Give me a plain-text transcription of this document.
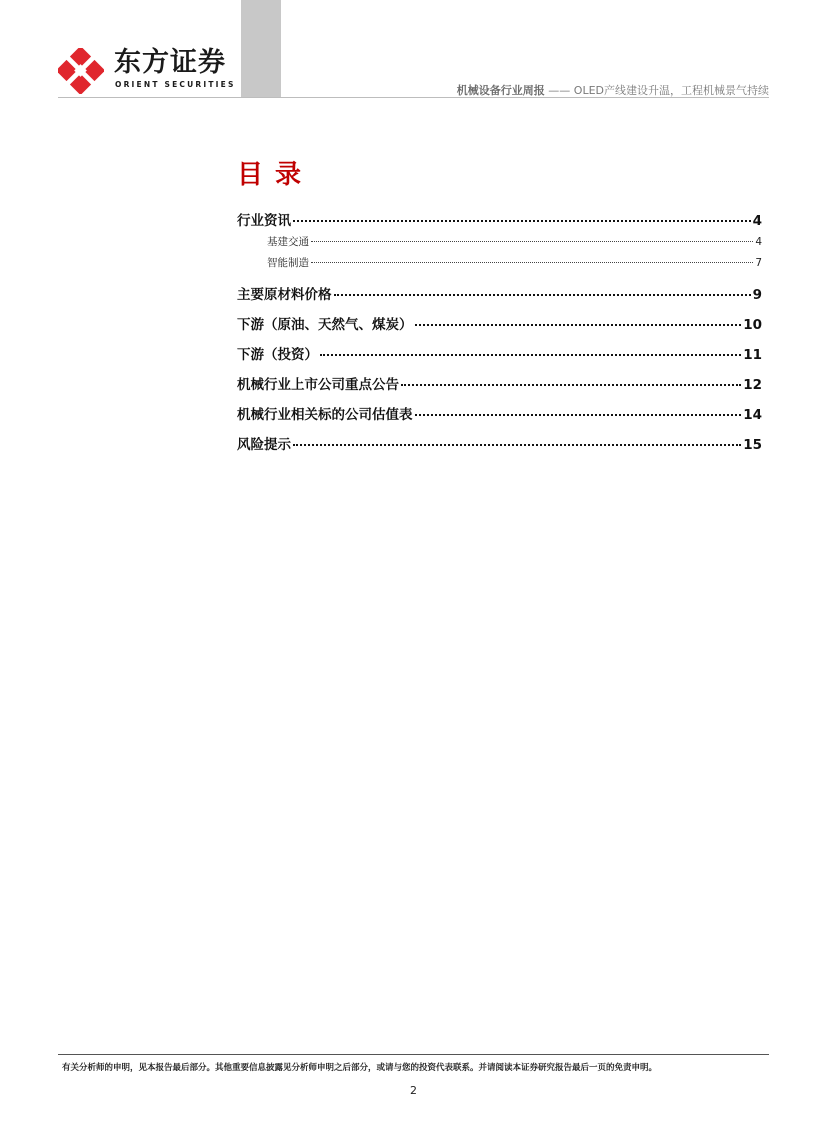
东方证券
ORIENT SECURITIES	机械设备行业周报 —— OLED产线建设升温，工程机械景气持续
目录
行业资讯	4
基建交通	4
智能制造	7
主要原材料价格	9
下游（原油、天然气、煤炭）	10
下游（投资）	11
机械行业上市公司重点公告	12
机械行业相关标的公司估值表	14
风险提示	15
有关分析师的申明，见本报告最后部分。其他重要信息披露见分析师申明之后部分，或请与您的投资代表联系。并请阅读本证券研究报告最后一页的免责申明。
2
